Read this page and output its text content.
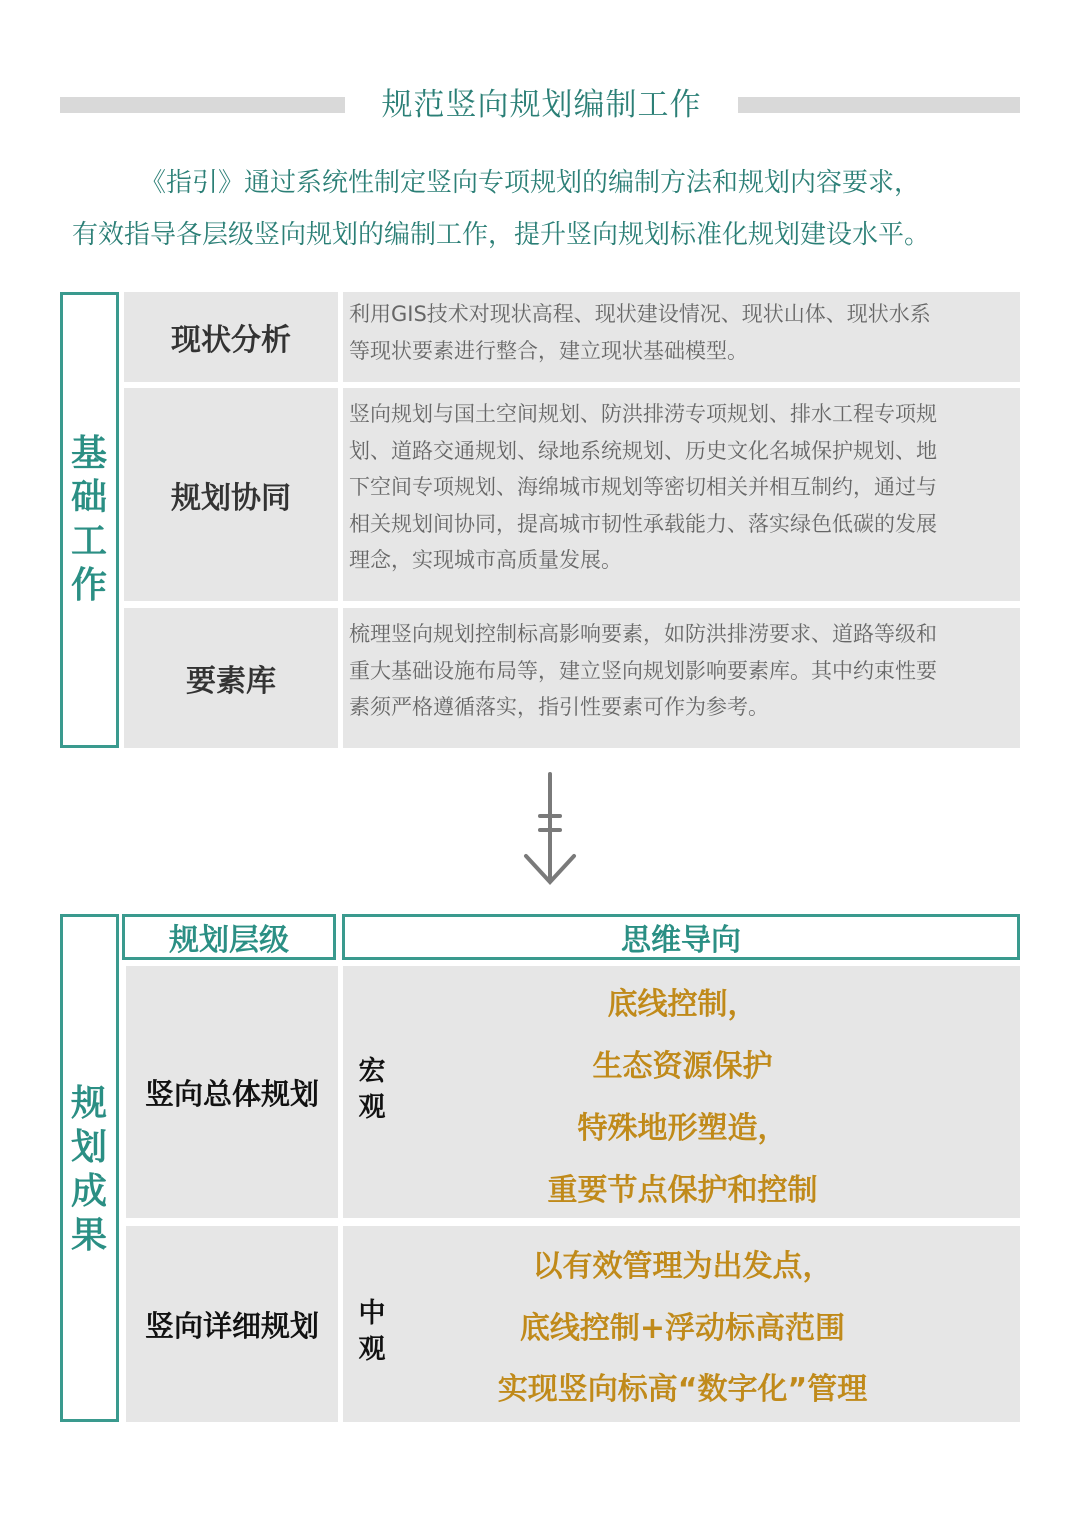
规范竖向规划编制工作
《指引》通过系统性制定竖向专项规划的编制方法和规划内容要求，
有效指导各层级竖向规划的编制工作，提升竖向规划标准化规划建设水平。
基础工作
现状分析
利用GIS技术对现状高程、现状建设情况、现状山体、现状水系
等现状要素进行整合，建立现状基础模型。
规划协同
竖向规划与国土空间规划、防洪排涝专项规划、排水工程专项规
划、道路交通规划、绿地系统规划、历史文化名城保护规划、地
下空间专项规划、海绵城市规划等密切相关并相互制约，通过与
相关规划间协同，提高城市韧性承载能力、落实绿色低碳的发展
理念，实现城市高质量发展。
要素库
梳理竖向规划控制标高影响要素，如防洪排涝要求、道路等级和
重大基础设施布局等，建立竖向规划影响要素库。其中约束性要
素须严格遵循落实，指引性要素可作为参考。
规划成果
规划层级	思维导向
竖向总体规划
宏观
底线控制，
生态资源保护
特殊地形塑造，
重要节点保护和控制
竖向详细规划	中观
以有效管理为出发点，
底线控制+浮动标高范围
实现竖向标高“数字化”管理
